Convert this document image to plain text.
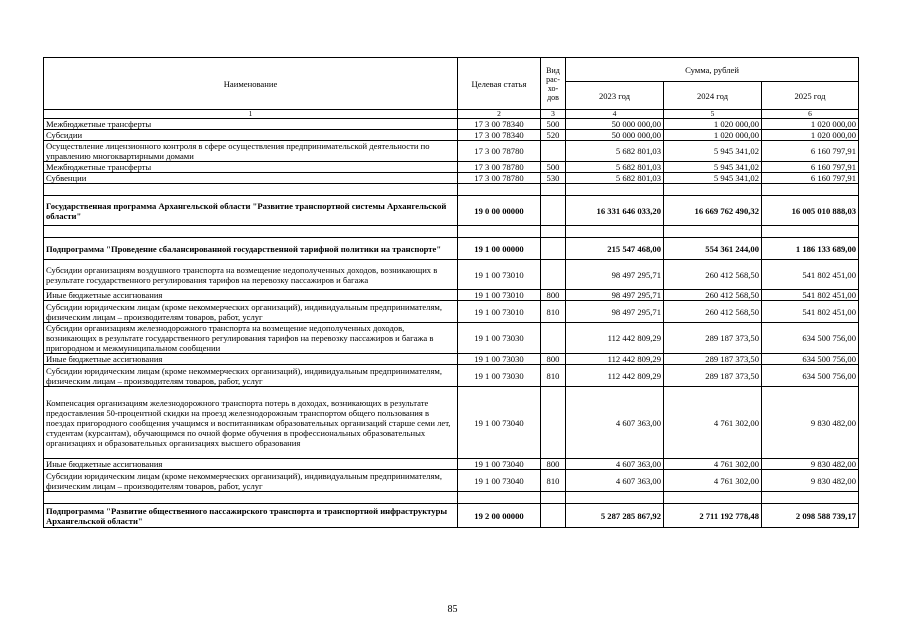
Наименование	Целевая статья	Вид
рас-
хо-
дов	Сумма, рублей		
			2023 год	2024 год	2025 год
1	2	3	4	5	6
Межбюджетные трансферты	17 3 00 78340	500	50 000 000,00	1 020 000,00	1 020 000,00
Субсидии	17 3 00 78340	520	50 000 000,00	1 020 000,00	1 020 000,00
Осуществление лицензионного контроля в сфере осуществления предпринимательской деятельности по управлению многоквартирными домами	17 3 00 78780		5 682 801,03	5 945 341,02	6 160 797,91
Межбюджетные трансферты	17 3 00 78780	500	5 682 801,03	5 945 341,02	6 160 797,91
Субвенции	17 3 00 78780	530	5 682 801,03	5 945 341,02	6 160 797,91

Государственная программа Архангельской области "Развитие транспортной системы Архангельской области"	19 0 00 00000		16 331 646 033,20	16 669 762 490,32	16 005 010 888,03

Подпрограмма "Проведение сбалансированной государственной тарифной политики на транспорте"	19 1 00 00000		215 547 468,00	554 361 244,00	1 186 133 689,00
Субсидии организациям воздушного транспорта на возмещение недополученных доходов, возникающих в результате государственного регулирования тарифов на перевозку пассажиров и багажа	19 1 00 73010		98 497 295,71	260 412 568,50	541 802 451,00
Иные бюджетные ассигнования	19 1 00 73010	800	98 497 295,71	260 412 568,50	541 802 451,00
Субсидии юридическим лицам (кроме некоммерческих организаций), индивидуальным предпринимателям, физическим лицам – производителям товаров, работ, услуг	19 1 00 73010	810	98 497 295,71	260 412 568,50	541 802 451,00
Субсидии организациям железнодорожного транспорта на возмещение недополученных доходов, возникающих в результате государственного регулирования тарифов на перевозку пассажиров и багажа в пригородном и межмуниципальном сообщении	19 1 00 73030		112 442 809,29	289 187 373,50	634 500 756,00
Иные бюджетные ассигнования	19 1 00 73030	800	112 442 809,29	289 187 373,50	634 500 756,00
Субсидии юридическим лицам (кроме некоммерческих организаций), индивидуальным предпринимателям, физическим лицам – производителям товаров, работ, услуг	19 1 00 73030	810	112 442 809,29	289 187 373,50	634 500 756,00
Компенсация организациям железнодорожного транспорта потерь в доходах, возникающих в результате предоставления 50-процентной скидки на проезд железнодорожным транспортом общего пользования в поездах пригородного сообщения учащимся и воспитанникам образовательных организаций старше семи лет, студентам (курсантам), обучающимся по очной форме обучения в профессиональных образовательных организациях и образовательных организациях высшего образования	19 1 00 73040		4 607 363,00	4 761 302,00	9 830 482,00
Иные бюджетные ассигнования	19 1 00 73040	800	4 607 363,00	4 761 302,00	9 830 482,00
Субсидии юридическим лицам (кроме некоммерческих организаций), индивидуальным предпринимателям, физическим лицам – производителям товаров, работ, услуг	19 1 00 73040	810	4 607 363,00	4 761 302,00	9 830 482,00

Подпрограмма "Развитие общественного пассажирского транспорта и транспортной инфраструктуры Архангельской области"	19 2 00 00000		5 287 285 867,92	2 711 192 778,48	2 098 588 739,17
85
